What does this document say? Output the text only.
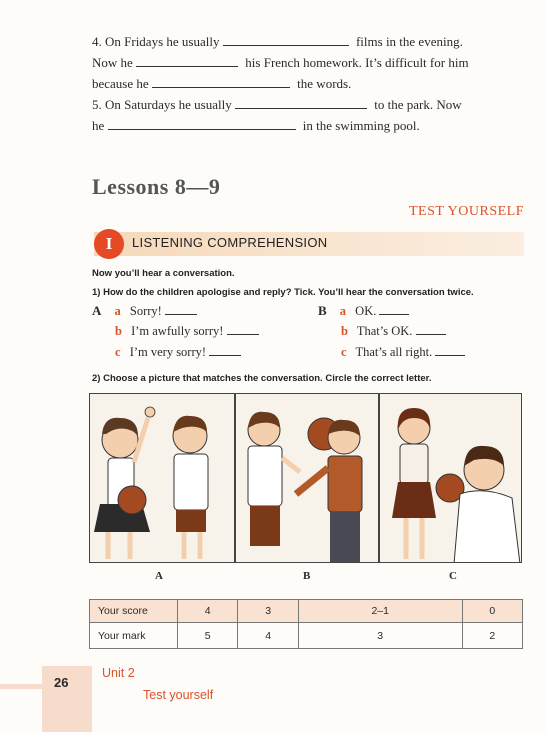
4. On Fridays he usually	films in the evening.
Now he	his French homework. It’s difficult for him
because he	the words.
5. On Saturdays he usually	to the park. Now
he	in the swimming pool.
Lessons 8—9
TEST YOURSELF
I	LISTENING COMPREHENSION
Now you’ll hear a conversation.
1) How do the children apologise and reply? Tick. You’ll hear the conversation twice.
A a Sorry!
b I’m awfully sorry!
c I’m very sorry!
B a OK.
b That’s OK.
c That’s all right.
2) Choose a picture that matches the conversation. Circle the correct letter.
A	B	C
Your score	4	3	2–1	0
Your mark	5	4	3	2
26
Unit 2
Test yourself
